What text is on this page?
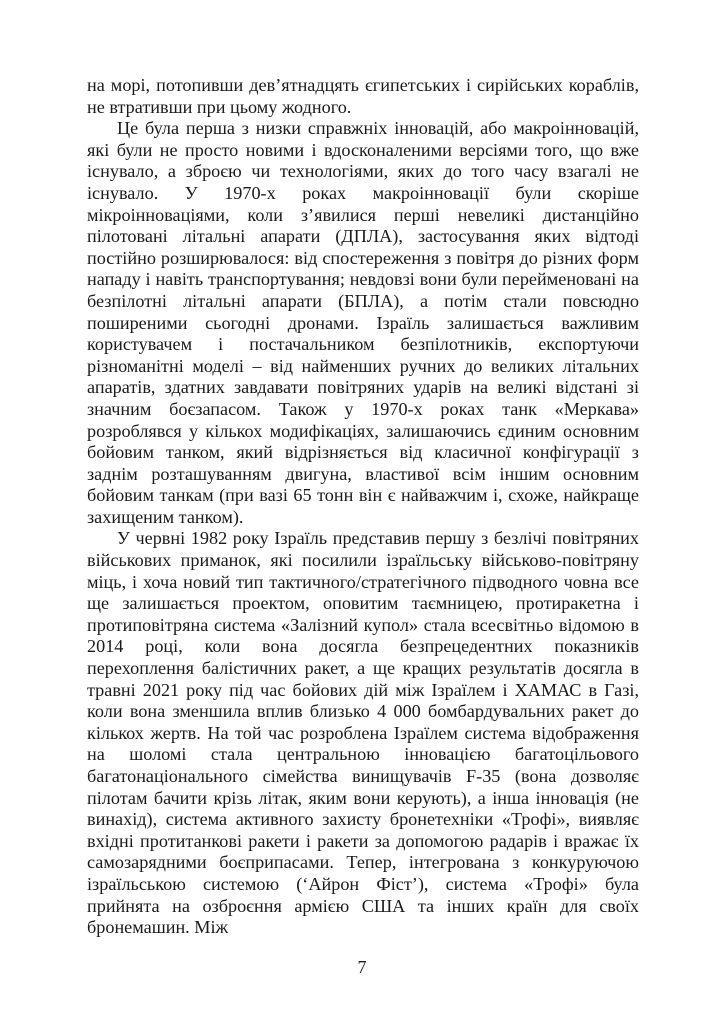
на морі, потопивши дев’ятнадцять єгипетських і сирійських кораблів, не втративши при цьому жодного.

Це була перша з низки справжніх інновацій, або макроінновацій, які були не просто новими і вдосконаленими версіями того, що вже існувало, а зброєю чи технологіями, яких до того часу взагалі не існувало. У 1970-х роках макроінновації були скоріше мікроінноваціями, коли з’явилися перші невеликі дистанційно пілотовані літальні апарати (ДПЛА), застосування яких відтоді постійно розширювалося: від спостереження з повітря до різних форм нападу і навіть транспортування; невдовзі вони були перейменовані на безпілотні літальні апарати (БПЛА), а потім стали повсюдно поширеними сьогодні дронами. Ізраїль залишається важливим користувачем і постачальником безпілотників, експортуючи різноманітні моделі – від найменших ручних до великих літальних апаратів, здатних завдавати повітряних ударів на великі відстані зі значним боєзапасом. Також у 1970-х роках танк «Меркава» розроблявся у кількох модифікаціях, залишаючись єдиним основним бойовим танком, який відрізняється від класичної конфігурації з заднім розташуванням двигуна, властивої всім іншим основним бойовим танкам (при вазі 65 тонн він є найважчим і, схоже, найкраще захищеним танком).

У червні 1982 року Ізраїль представив першу з безлічі повітряних військових приманок, які посилили ізраїльську військово-повітряну міць, і хоча новий тип тактичного/стратегічного підводного човна все ще залишається проектом, оповитим таємницею, протиракетна і протиповітряна система «Залізний купол» стала всесвітньо відомою в 2014 році, коли вона досягла безпрецедентних показників перехоплення балістичних ракет, а ще кращих результатів досягла в травні 2021 року під час бойових дій між Ізраїлем і ХАМАС в Газі, коли вона зменшила вплив близько 4 000 бомбардувальних ракет до кількох жертв. На той час розроблена Ізраїлем система відображення на шоломі стала центральною інновацією багатоцільового багатонаціонального сімейства винищувачів F-35 (вона дозволяє пілотам бачити крізь літак, яким вони керують), а інша інновація (не винахід), система активного захисту бронетехніки «Трофі», виявляє вхідні протитанкові ракети і ракети за допомогою радарів і вражає їх самозарядними боєприпасами. Тепер, інтегрована з конкуруючою ізраїльською системою (‘Айрон Фіст’), система «Трофі» була прийнята на озброєння армією США та інших країн для своїх бронемашин. Між

7
